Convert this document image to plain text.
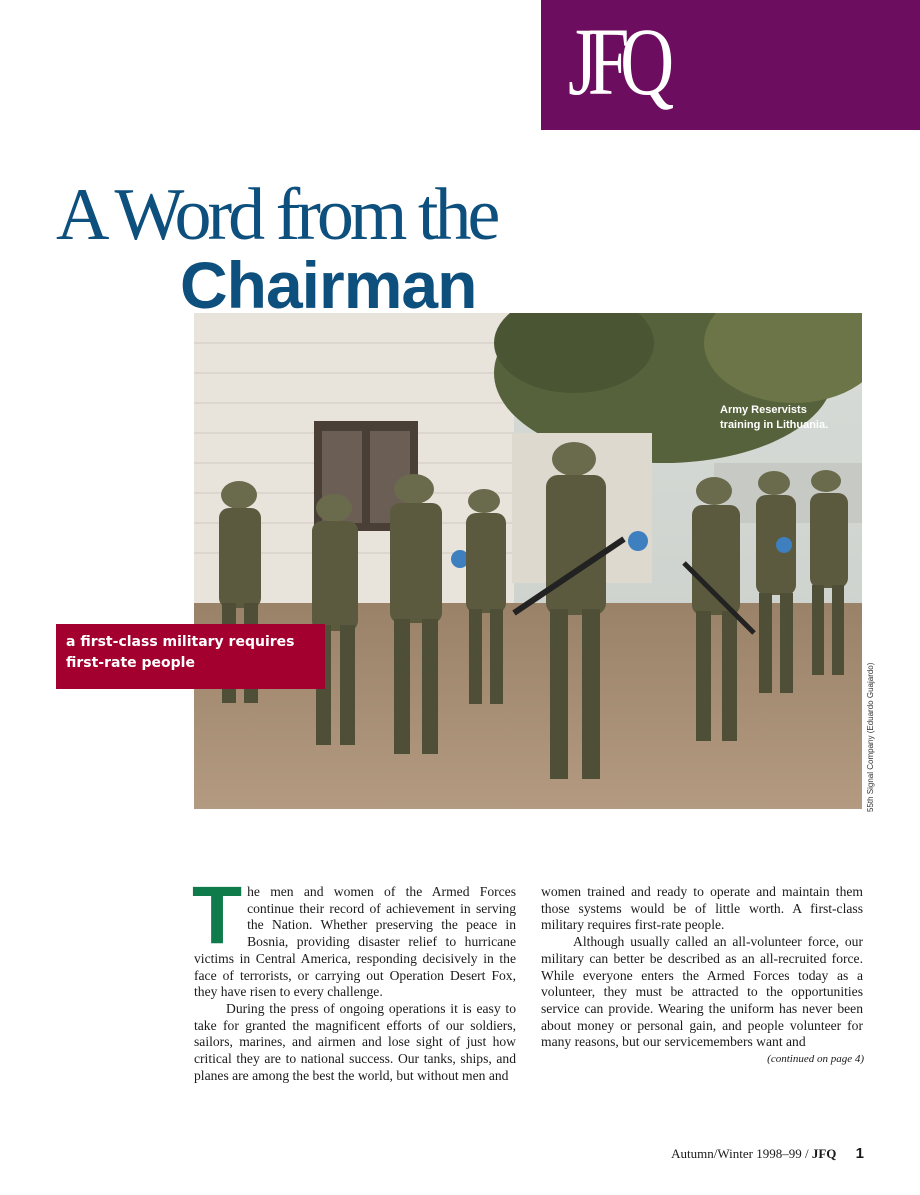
JFQ
A Word from the
Chairman
Army Reservists training in Lithuania.
55th Signal Company (Eduardo Guajardo)
a first-class military requires first-rate people

The men and women of the Armed Forces continue their record of achievement in serving the Nation. Whether preserving the peace in Bosnia, providing disaster relief to hurricane victims in Central America, responding decisively in the face of terrorists, or carrying out Operation Desert Fox, they have risen to every challenge.

During the press of ongoing operations it is easy to take for granted the magnificent efforts of our soldiers, sailors, marines, and airmen and lose sight of just how critical they are to national success. Our tanks, ships, and planes are among the best the world, but without men and

women trained and ready to operate and maintain them those systems would be of little worth. A first-class military requires first-rate people.

Although usually called an all-volunteer force, our military can better be described as an all-recruited force. While everyone enters the Armed Forces today as a volunteer, they must be attracted to the opportunities service can provide. Wearing the uniform has never been about money or personal gain, and people volunteer for many reasons, but our servicemembers want and

(continued on page 4)
Autumn/Winter 1998–99 / JFQ 1
